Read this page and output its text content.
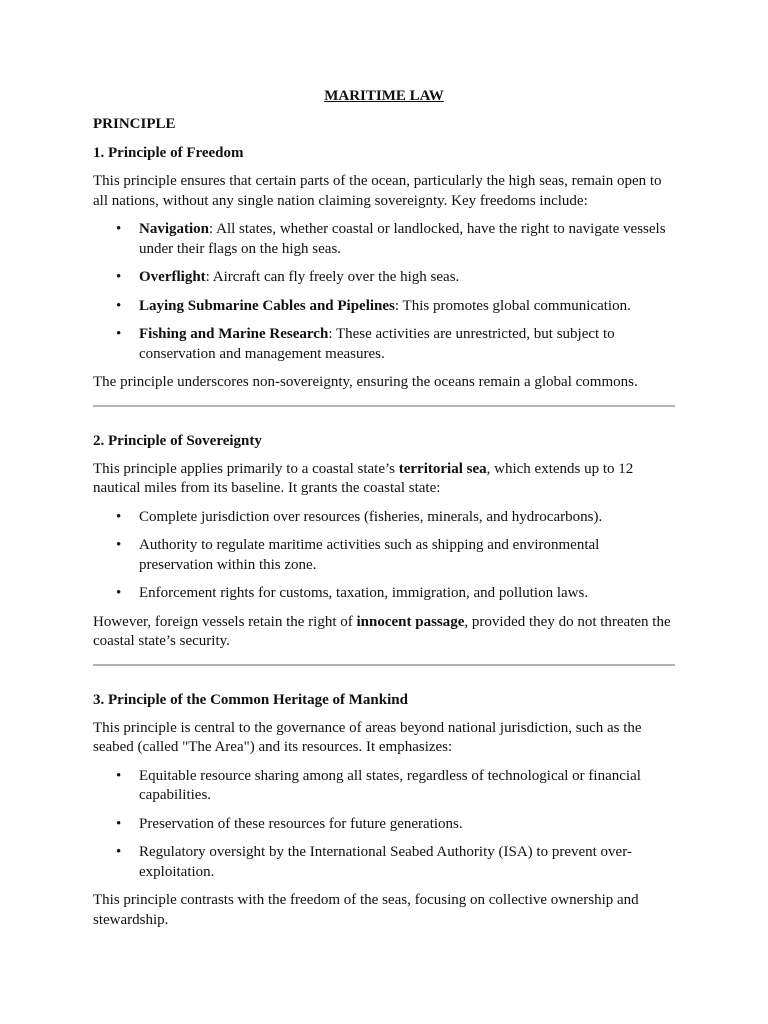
MARITIME LAW
PRINCIPLE
1. Principle of Freedom

This principle ensures that certain parts of the ocean, particularly the high seas, remain open to all nations, without any single nation claiming sovereignty. Key freedoms include:

• Navigation: All states, whether coastal or landlocked, have the right to navigate vessels under their flags on the high seas.
• Overflight: Aircraft can fly freely over the high seas.
• Laying Submarine Cables and Pipelines: This promotes global communication.
• Fishing and Marine Research: These activities are unrestricted, but subject to conservation and management measures.

The principle underscores non-sovereignty, ensuring the oceans remain a global commons.

2. Principle of Sovereignty

This principle applies primarily to a coastal state’s territorial sea, which extends up to 12 nautical miles from its baseline. It grants the coastal state:

• Complete jurisdiction over resources (fisheries, minerals, and hydrocarbons).
• Authority to regulate maritime activities such as shipping and environmental preservation within this zone.
• Enforcement rights for customs, taxation, immigration, and pollution laws.

However, foreign vessels retain the right of innocent passage, provided they do not threaten the coastal state’s security.

3. Principle of the Common Heritage of Mankind

This principle is central to the governance of areas beyond national jurisdiction, such as the seabed (called "The Area") and its resources. It emphasizes:

• Equitable resource sharing among all states, regardless of technological or financial capabilities.
• Preservation of these resources for future generations.
• Regulatory oversight by the International Seabed Authority (ISA) to prevent over-exploitation.

This principle contrasts with the freedom of the seas, focusing on collective ownership and stewardship.
